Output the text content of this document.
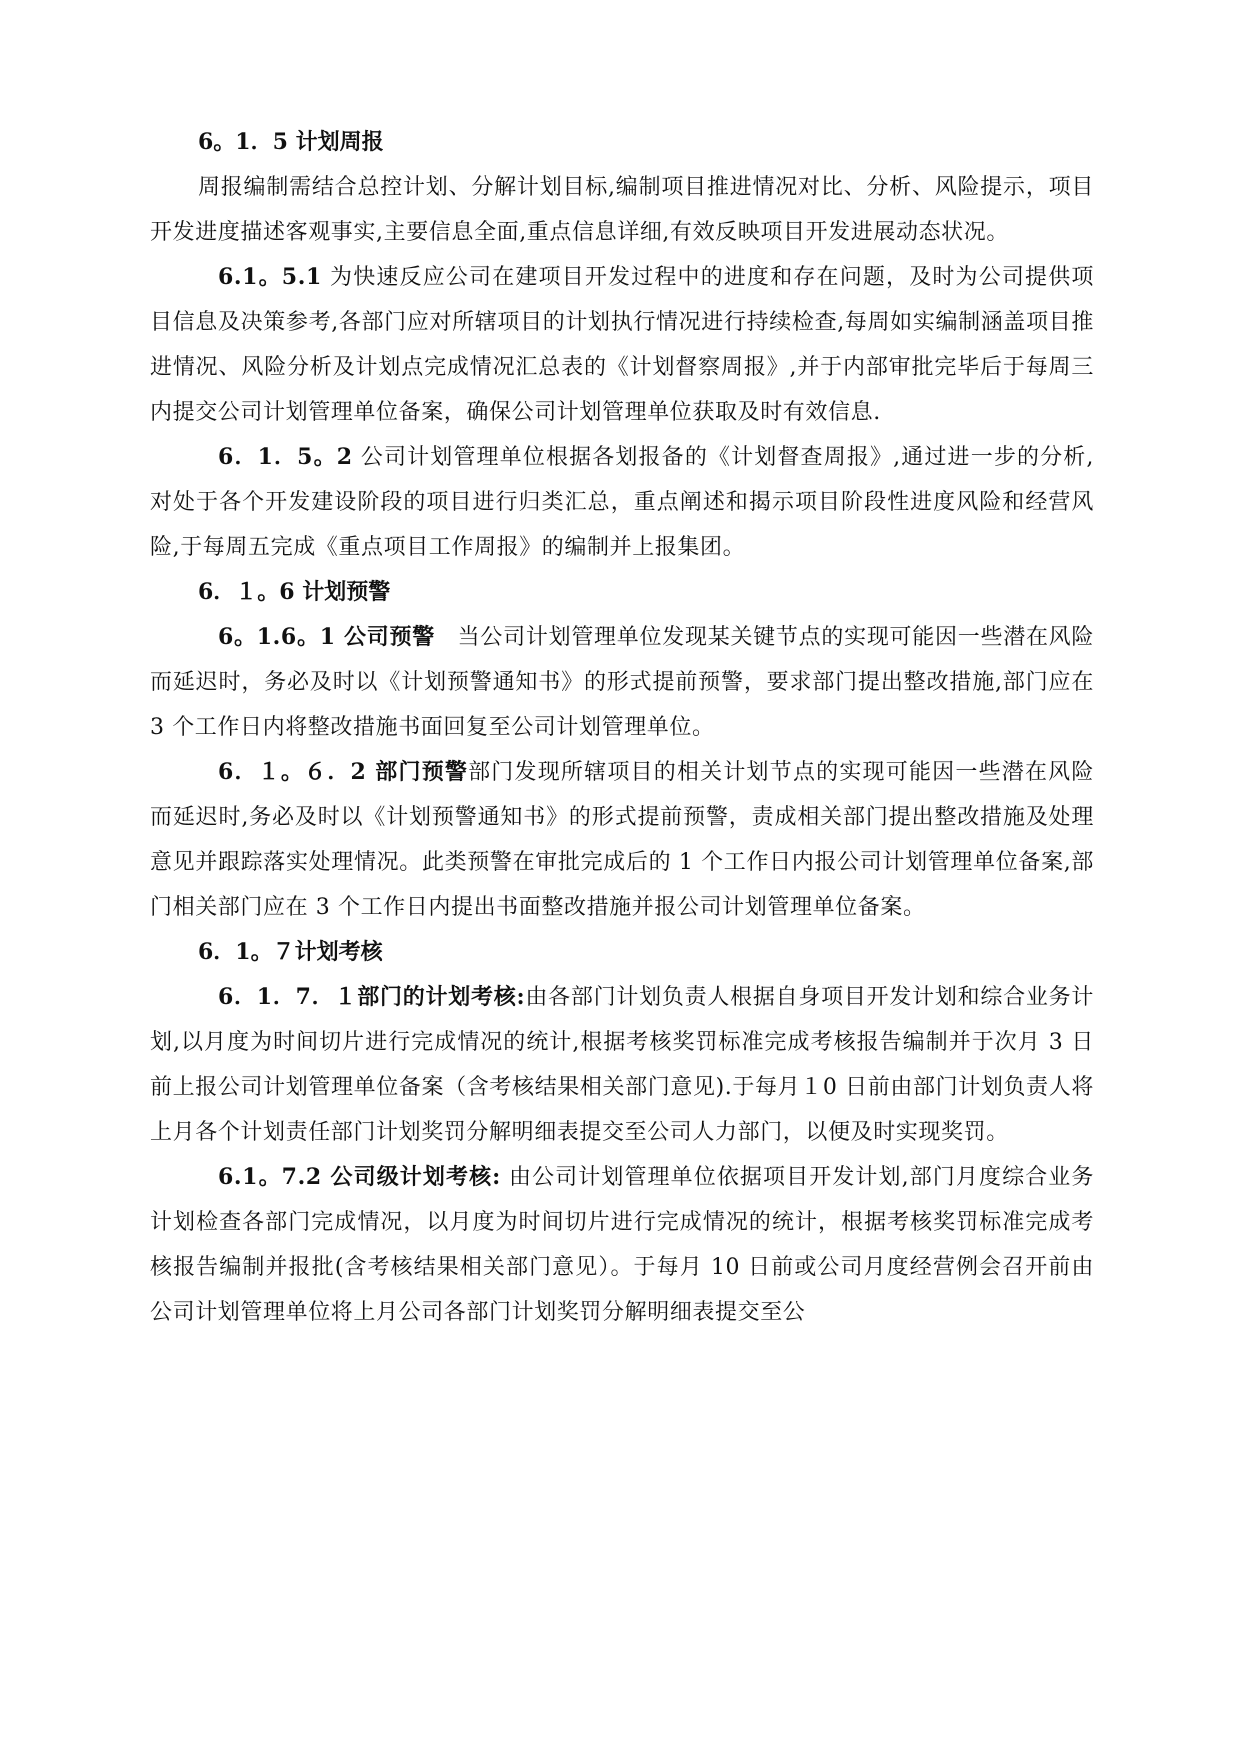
6。1．5 计划周报

周报编制需结合总控计划、分解计划目标,编制项目推进情况对比、分析、风险提示，项目开发进度描述客观事实,主要信息全面,重点信息详细,有效反映项目开发进展动态状况。

6.1。5.1 为快速反应公司在建项目开发过程中的进度和存在问题，及时为公司提供项目信息及决策参考,各部门应对所辖项目的计划执行情况进行持续检查,每周如实编制涵盖项目推进情况、风险分析及计划点完成情况汇总表的《计划督察周报》,并于内部审批完毕后于每周三内提交公司计划管理单位备案，确保公司计划管理单位获取及时有效信息.

6．1．5。2 公司计划管理单位根据各划报备的《计划督查周报》,通过进一步的分析,对处于各个开发建设阶段的项目进行归类汇总，重点阐述和揭示项目阶段性进度风险和经营风险,于每周五完成《重点项目工作周报》的编制并上报集团。

6．１。6 计划预警

6。1.6。1 公司预警　当公司计划管理单位发现某关键节点的实现可能因一些潜在风险而延迟时，务必及时以《计划预警通知书》的形式提前预警，要求部门提出整改措施,部门应在 3 个工作日内将整改措施书面回复至公司计划管理单位。

6．１。６．2 部门预警部门发现所辖项目的相关计划节点的实现可能因一些潜在风险而延迟时,务必及时以《计划预警通知书》的形式提前预警，责成相关部门提出整改措施及处理意见并跟踪落实处理情况。此类预警在审批完成后的 1 个工作日内报公司计划管理单位备案,部门相关部门应在 3 个工作日内提出书面整改措施并报公司计划管理单位备案。

6．1。７计划考核

6．1．7．１部门的计划考核:由各部门计划负责人根据自身项目开发计划和综合业务计划,以月度为时间切片进行完成情况的统计,根据考核奖罚标准完成考核报告编制并于次月 3 日前上报公司计划管理单位备案（含考核结果相关部门意见).于每月１0 日前由部门计划负责人将上月各个计划责任部门计划奖罚分解明细表提交至公司人力部门，以便及时实现奖罚。

6.1。7.2 公司级计划考核: 由公司计划管理单位依据项目开发计划,部门月度综合业务计划检查各部门完成情况，以月度为时间切片进行完成情况的统计，根据考核奖罚标准完成考核报告编制并报批(含考核结果相关部门意见）。于每月 10 日前或公司月度经营例会召开前由公司计划管理单位将上月公司各部门计划奖罚分解明细表提交至公
